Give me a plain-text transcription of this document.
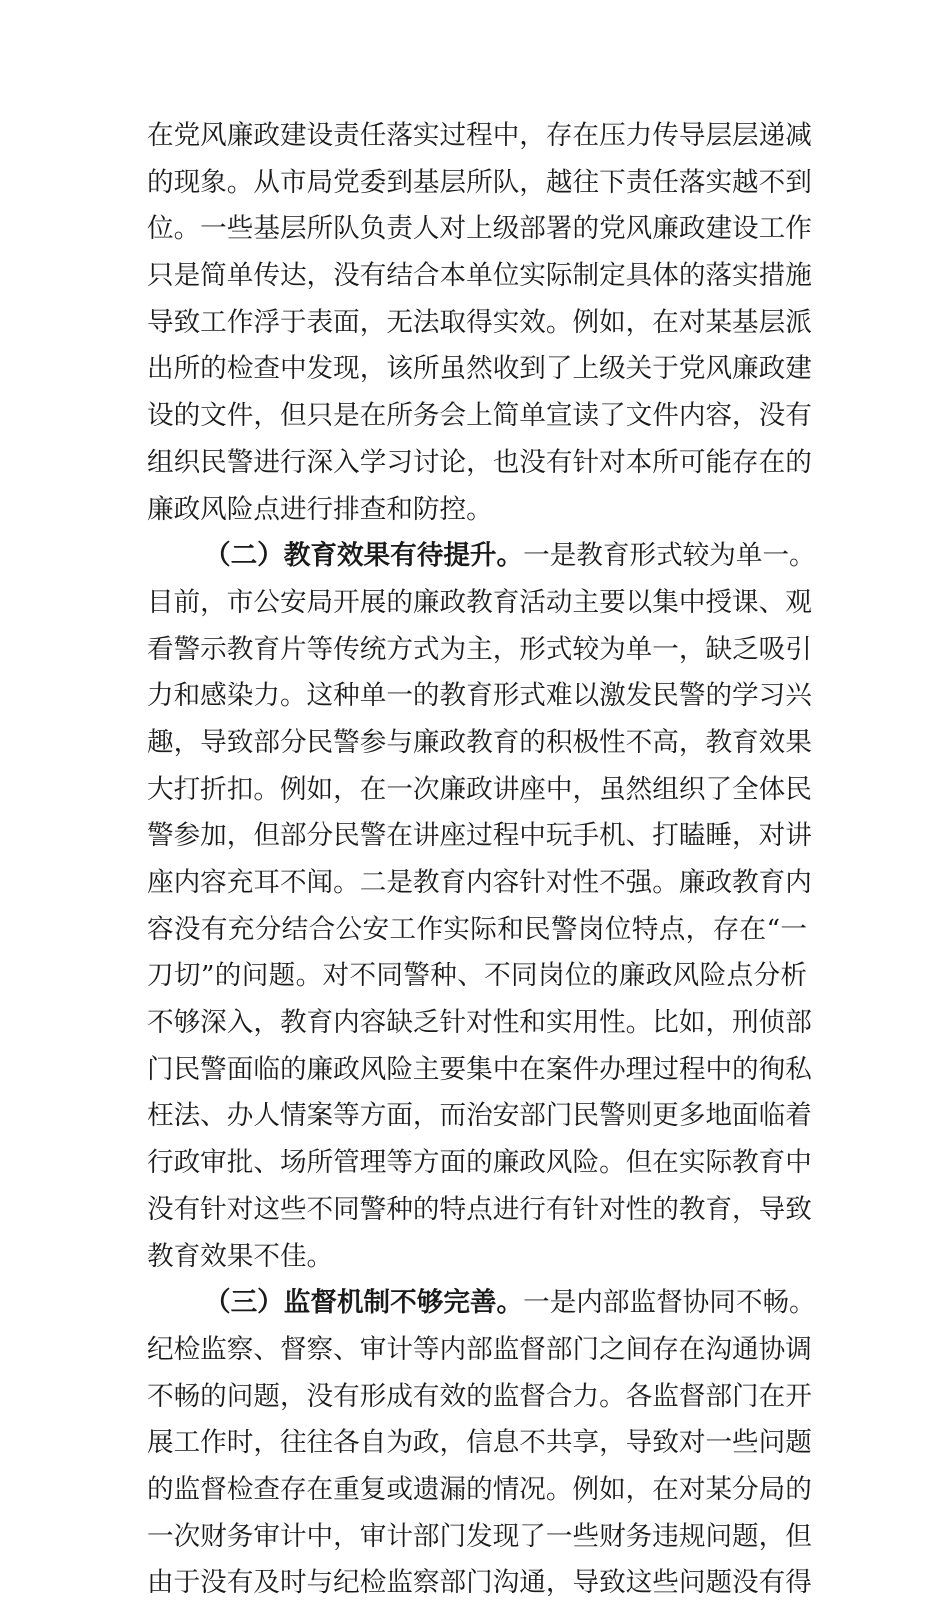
在党风廉政建设责任落实过程中，存在压力传导层层递减
的现象。从市局党委到基层所队，越往下责任落实越不到
位。一些基层所队负责人对上级部署的党风廉政建设工作
只是简单传达，没有结合本单位实际制定具体的落实措施
导致工作浮于表面，无法取得实效。例如，在对某基层派
出所的检查中发现，该所虽然收到了上级关于党风廉政建
设的文件，但只是在所务会上简单宣读了文件内容，没有
组织民警进行深入学习讨论，也没有针对本所可能存在的
廉政风险点进行排查和防控。
（二）教育效果有待提升。一是教育形式较为单一。
目前，市公安局开展的廉政教育活动主要以集中授课、观
看警示教育片等传统方式为主，形式较为单一，缺乏吸引
力和感染力。这种单一的教育形式难以激发民警的学习兴
趣，导致部分民警参与廉政教育的积极性不高，教育效果
大打折扣。例如，在一次廉政讲座中，虽然组织了全体民
警参加，但部分民警在讲座过程中玩手机、打瞌睡，对讲
座内容充耳不闻。二是教育内容针对性不强。廉政教育内
容没有充分结合公安工作实际和民警岗位特点，存在“一
刀切”的问题。对不同警种、不同岗位的廉政风险点分析
不够深入，教育内容缺乏针对性和实用性。比如，刑侦部
门民警面临的廉政风险主要集中在案件办理过程中的徇私
枉法、办人情案等方面，而治安部门民警则更多地面临着
行政审批、场所管理等方面的廉政风险。但在实际教育中
没有针对这些不同警种的特点进行有针对性的教育，导致
教育效果不佳。
（三）监督机制不够完善。一是内部监督协同不畅。
纪检监察、督察、审计等内部监督部门之间存在沟通协调
不畅的问题，没有形成有效的监督合力。各监督部门在开
展工作时，往往各自为政，信息不共享，导致对一些问题
的监督检查存在重复或遗漏的情况。例如，在对某分局的
一次财务审计中，审计部门发现了一些财务违规问题，但
由于没有及时与纪检监察部门沟通，导致这些问题没有得
